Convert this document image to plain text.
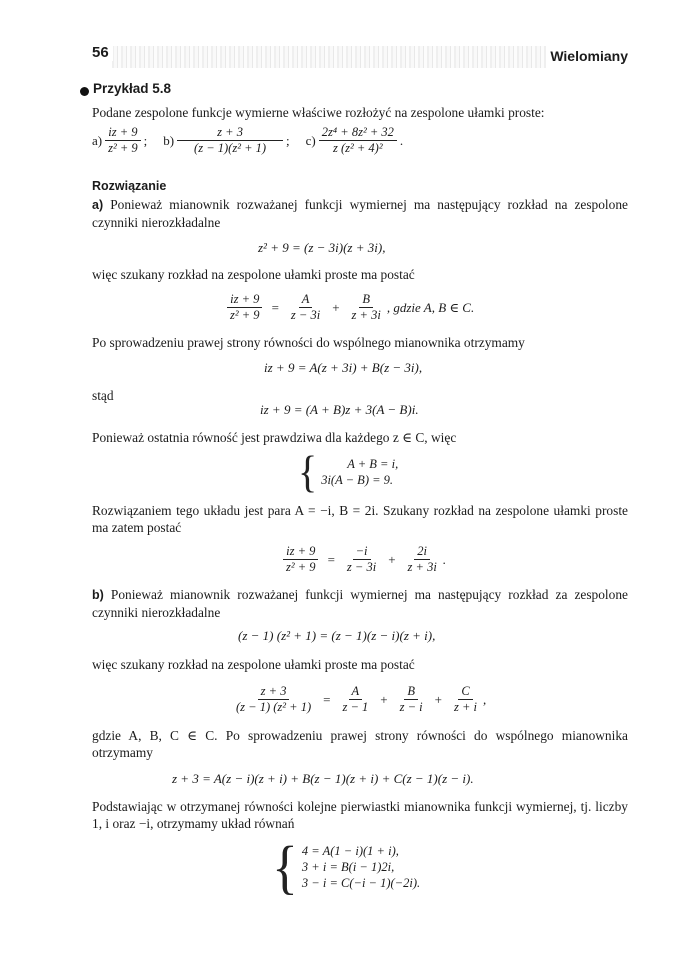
56	Wielomiany
Przykład 5.8
Podane zespolone funkcje wymierne właściwe rozłożyć na zespolone ułamki proste:
$a) \frac{iz + 9}{\text{z² + 9}}$ ; $b) \frac{z + 3}{\text{(z − 1)(z² + 1)}}$ ; $c) \frac{\text{2z⁴ + 8z² + 32}}{\text{z (z² + 4)²}}$ .
Rozwiązanie
a) Ponieważ mianownik rozważanej funkcji wymiernej ma następujący rozkład na zespolone czynniki nierozkładalne
z² + 9 = (z − 3i)(z + 3i),
więc szukany rozkład na zespolone ułamki proste ma postać
$\frac{iz + 9}{\text{z² + 9}} = \frac{A}{z - 3i} + \frac{B}{z + 3i}$ , gdzie A, B ∈ C.
Po sprowadzeniu prawej strony równości do wspólnego mianownika otrzymamy
iz + 9 = A(z + 3i) + B(z − 3i),
stąd
iz + 9 = (A + B)z + 3(A − B)i.
Ponieważ ostatnia równość jest prawdziwa dla każdego z ∈ C, więc
{	A + B = i,
3i(A − B) = 9.
Rozwiązaniem tego układu jest para A = −i, B = 2i. Szukany rozkład na zespolone ułamki proste ma zatem postać
$\frac{iz + 9}{\text{z² + 9}} = \frac{-i}{z - 3i} + \frac{2i}{z + 3i}$ .
b) Ponieważ mianownik rozważanej funkcji wymiernej ma następujący rozkład za zespolone czynniki nierozkładalne
(z − 1) (z² + 1) = (z − 1)(z − i)(z + i),
więc szukany rozkład na zespolone ułamki proste ma postać
$\frac{z + 3}{\text{(z − 1) (z² + 1)}} = \frac{A}{z - 1} + \frac{B}{z - i} + \frac{C}{z + i}$ ,
gdzie A, B, C ∈ C. Po sprowadzeniu prawej strony równości do wspólnego mianownika otrzymamy
z + 3 = A(z − i)(z + i) + B(z − 1)(z + i) + C(z − 1)(z − i).
Podstawiając w otrzymanej równości kolejne pierwiastki mianownika funkcji wymiernej, tj. liczby 1, i oraz −i, otrzymamy układ równań
{ 4 = A(1 − i)(1 + i),
3 + i = B(i − 1)2i,
3 − i = C(−i − 1)(−2i).
